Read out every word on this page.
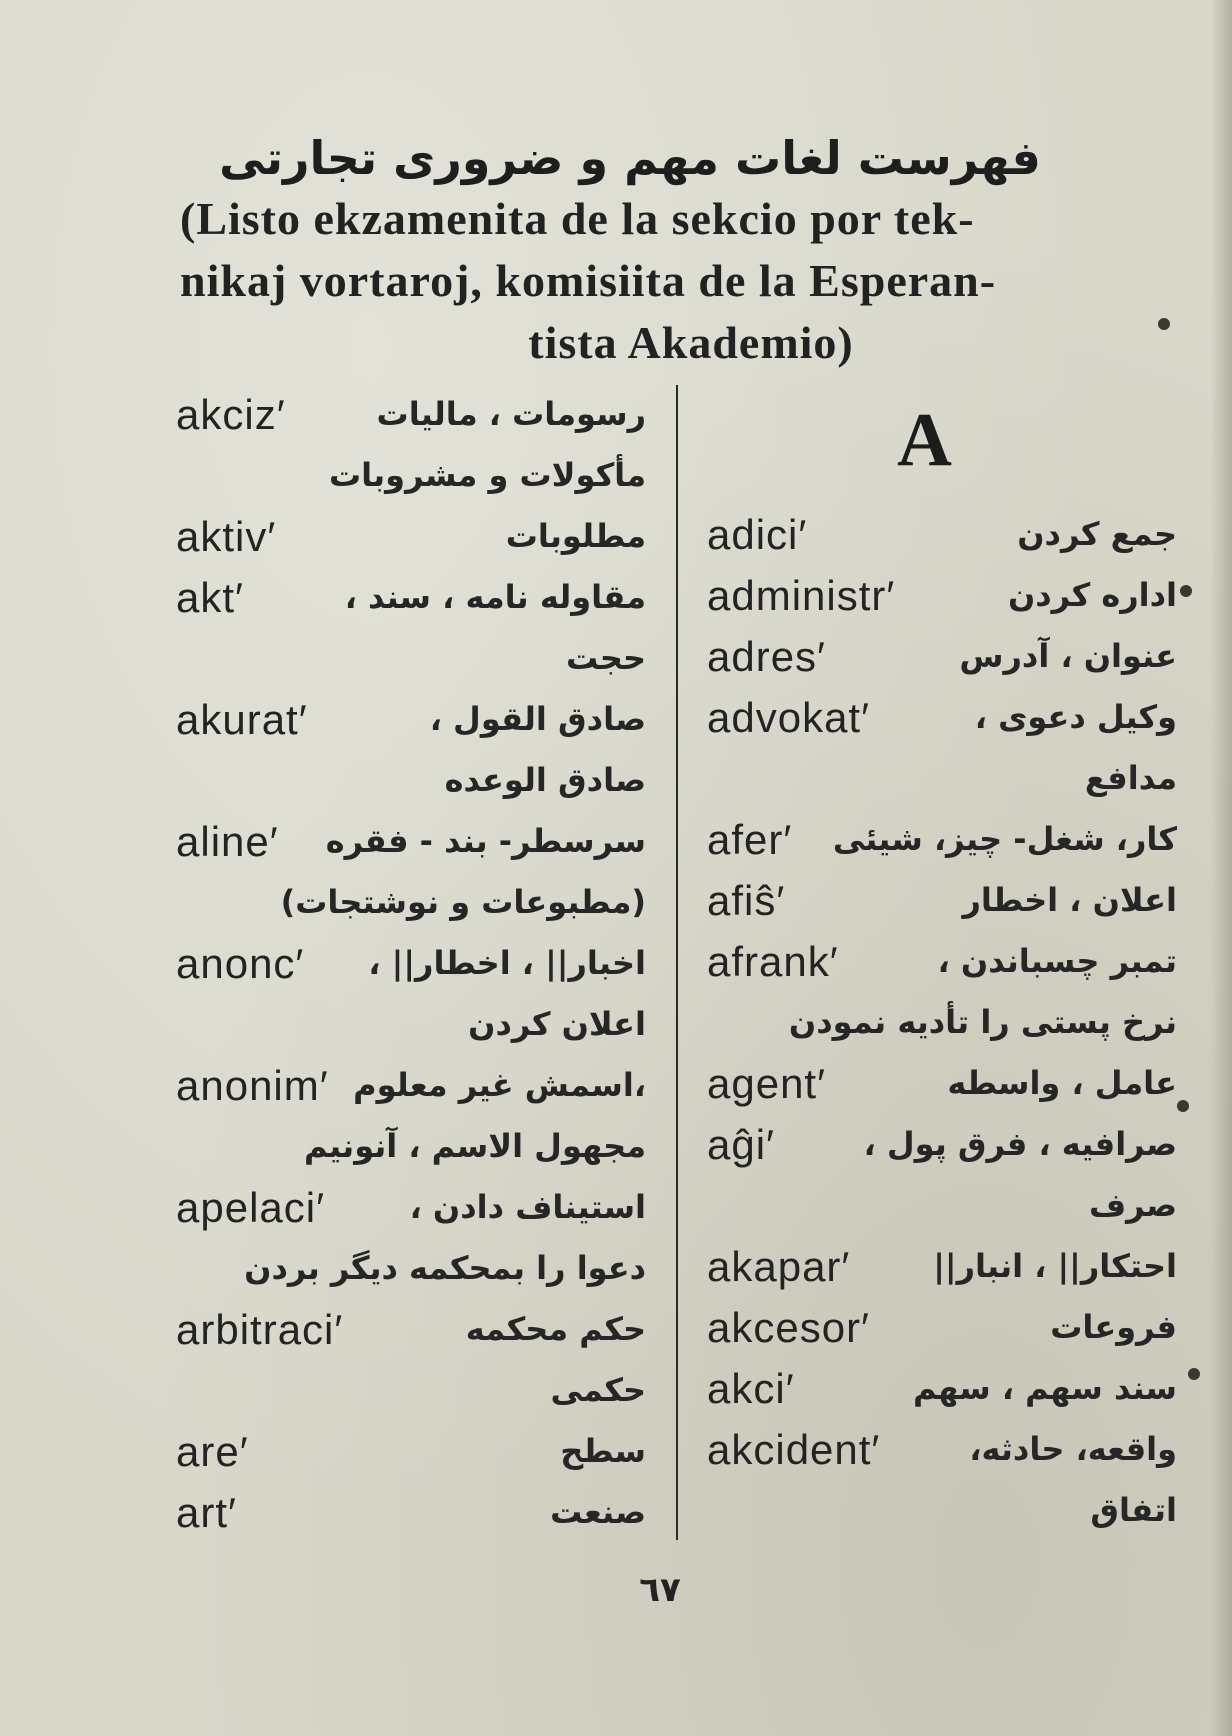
فهرست لغات مهم و ضروری تجارتی
(Listo ekzamenita de la sekcio por tek-
nikaj vortaroj, komisiita de la Esperan-
tista Akademio)
akciz′	رسومات ، مالیات
مأکولات و مشروبات
aktiv′	مطلوبات
akt′	مقاوله نامه ، سند ،
حجت
akurat′	صادق القول ،
صادق الوعده
aline′ سرسطر- بند - فقره
(مطبوعات و نوشتجات)
anonc′ اخبار|| ، اخطار|| ،
اعلان کردن
anonim′ ،اسمش غیر معلوم
مجهول الاسم ، آنونیم
apelaci′	استیناف دادن ،
دعوا را بمحکمه دیگر بردن
arbitraci′	حکم محکمه
حکمی
are′	سطح
art′	صنعت
A
adici′	جمع کردن
administr′	اداره کردن
adres′	عنوان ، آدرس
advokat′	وکیل دعوی ،
مدافع
afer′ کار، شغل- چیز، شیئی
afiŝ′	اعلان ، اخطار
afrank′	تمبر چسباندن ،
نرخ پستی را تأدیه نمودن
agent′	عامل ، واسطه
aĝi′	صرافیه ، فرق پول ،
صرف
akapar′	احتکار|| ، انبار||
akcesor′	فروعات
akci′	سند سهم ، سهم
akcident′	واقعه، حادثه،
اتفاق
٦٧
